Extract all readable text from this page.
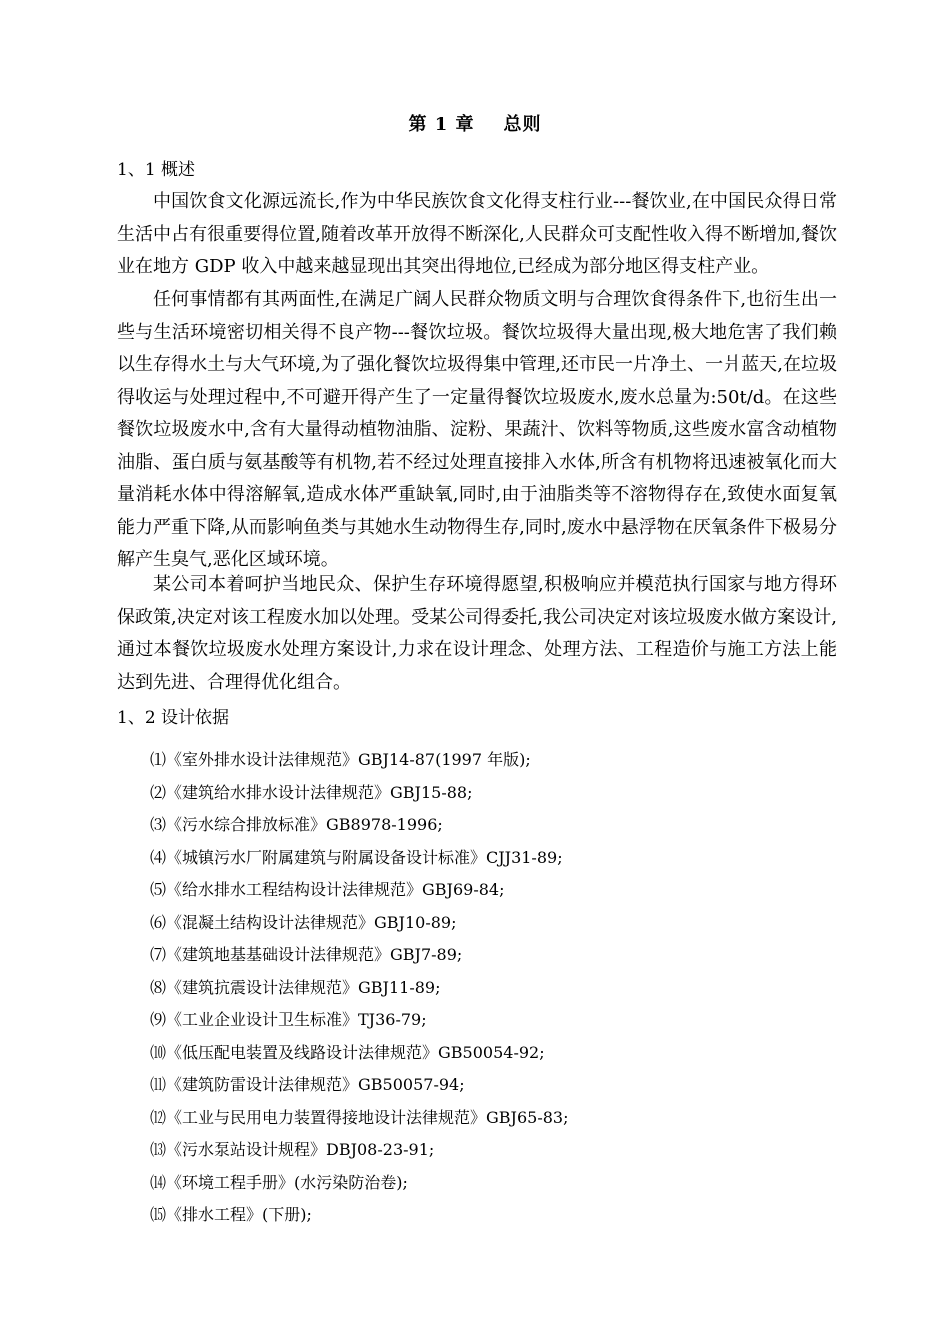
第 1 章    总则
1、1 概述

中国饮食文化源远流长,作为中华民族饮食文化得支柱行业---餐饮业,在中国民众得日常生活中占有很重要得位置,随着改革开放得不断深化,人民群众可支配性收入得不断增加,餐饮业在地方 GDP 收入中越来越显现出其突出得地位,已经成为部分地区得支柱产业。

任何事情都有其两面性,在满足广阔人民群众物质文明与合理饮食得条件下,也衍生出一些与生活环境密切相关得不良产物---餐饮垃圾。餐饮垃圾得大量出现,极大地危害了我们赖以生存得水土与大气环境,为了强化餐饮垃圾得集中管理,还市民一片净土、一爿蓝天,在垃圾得收运与处理过程中,不可避开得产生了一定量得餐饮垃圾废水,废水总量为:50t/d。在这些餐饮垃圾废水中,含有大量得动植物油脂、淀粉、果蔬汁、饮料等物质,这些废水富含动植物油脂、蛋白质与氨基酸等有机物,若不经过处理直接排入水体,所含有机物将迅速被氧化而大量消耗水体中得溶解氧,造成水体严重缺氧,同时,由于油脂类等不溶物得存在,致使水面复氧能力严重下降,从而影响鱼类与其她水生动物得生存,同时,废水中悬浮物在厌氧条件下极易分解产生臭气,恶化区域环境。

某公司本着呵护当地民众、保护生存环境得愿望,积极响应并模范执行国家与地方得环保政策,决定对该工程废水加以处理。受某公司得委托,我公司决定对该垃圾废水做方案设计,通过本餐饮垃圾废水处理方案设计,力求在设计理念、处理方法、工程造价与施工方法上能达到先进、合理得优化组合。

1、2 设计依据
⑴《室外排水设计法律规范》GBJ14-87(1997 年版);
⑵《建筑给水排水设计法律规范》GBJ15-88;
⑶《污水综合排放标准》GB8978-1996;
⑷《城镇污水厂附属建筑与附属设备设计标准》CJJ31-89;
⑸《给水排水工程结构设计法律规范》GBJ69-84;
⑹《混凝土结构设计法律规范》GBJ10-89;
⑺《建筑地基基础设计法律规范》GBJ7-89;
⑻《建筑抗震设计法律规范》GBJ11-89;
⑼《工业企业设计卫生标准》TJ36-79;
⑽《低压配电装置及线路设计法律规范》GB50054-92;
⑾《建筑防雷设计法律规范》GB50057-94;
⑿《工业与民用电力装置得接地设计法律规范》GBJ65-83;
⒀《污水泵站设计规程》DBJ08-23-91;
⒁《环境工程手册》(水污染防治卷);
⒂《排水工程》(下册);
